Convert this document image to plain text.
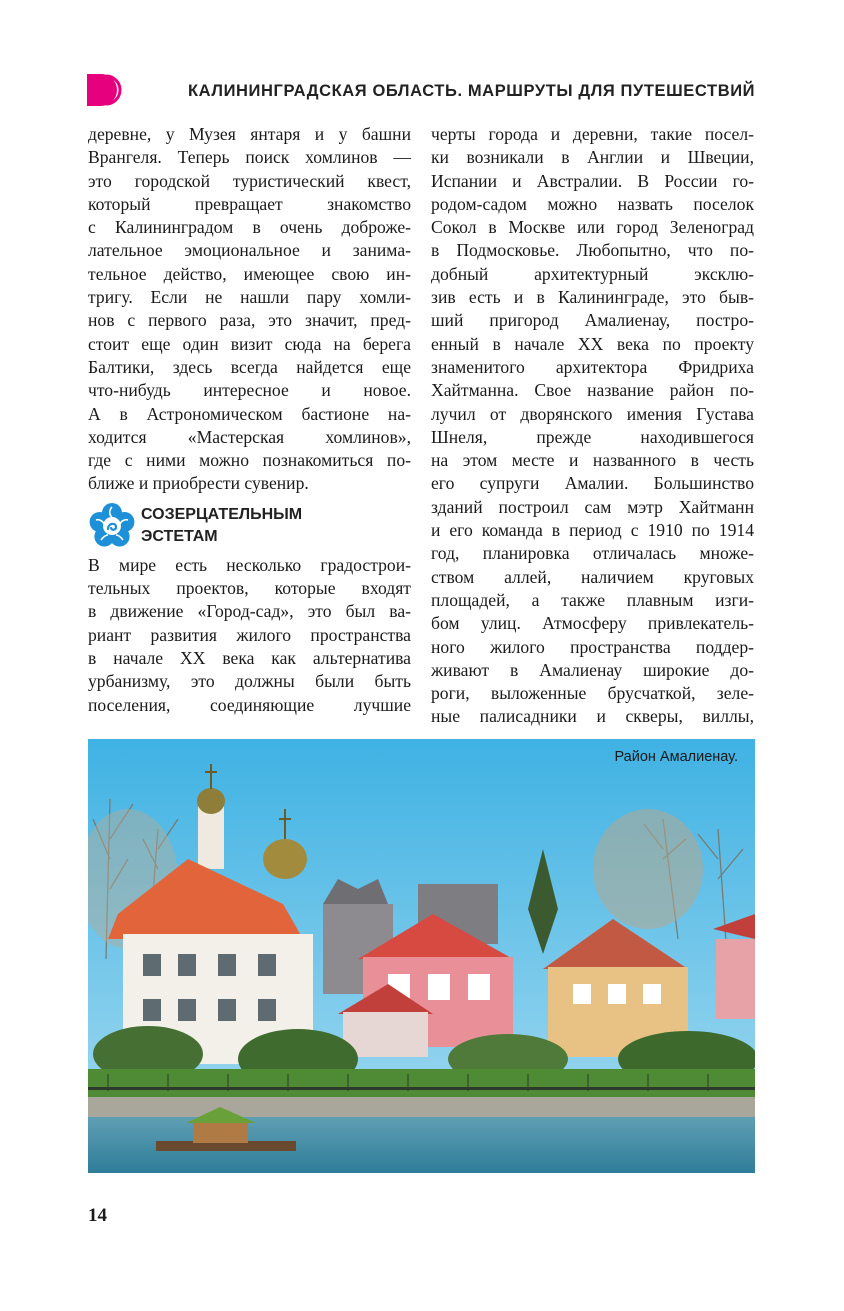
КАЛИНИНГРАДСКАЯ ОБЛАСТЬ. МАРШРУТЫ ДЛЯ ПУТЕШЕСТВИЙ
деревне, у Музея янтаря и у башни
Врангеля. Теперь поиск хомлинов —
это городской туристический квест,
который превращает знакомство
с Калининградом в очень доброже-
лательное эмоциональное и занима-
тельное действо, имеющее свою ин-
тригу. Если не нашли пару хомли-
нов с первого раза, это значит, пред-
стоит еще один визит сюда на берега
Балтики, здесь всегда найдется еще
что-нибудь интересное и новое.
А в Астрономическом бастионе на-
ходится «Мастерская хомлинов»,
где с ними можно познакомиться по-
ближе и приобрести сувенир.
СОЗЕРЦАТЕЛЬНЫМ
ЭСТЕТАМ
В мире есть несколько градострои-
тельных проектов, которые входят
в движение «Город-сад», это был ва-
риант развития жилого пространства
в начале ХХ века как альтернатива
урбанизму, это должны были быть
поселения, соединяющие лучшие
черты города и деревни, такие посел-
ки возникали в Англии и Швеции,
Испании и Австралии. В России го-
родом-садом можно назвать поселок
Сокол в Москве или город Зеленоград
в Подмосковье. Любопытно, что по-
добный архитектурный эксклю-
зив есть и в Калининграде, это быв-
ший пригород Амалиенау, постро-
енный в начале ХХ века по проекту
знаменитого архитектора Фридриха
Хайтманна. Свое название район по-
лучил от дворянского имения Густава
Шнеля, прежде находившегося
на этом месте и названного в честь
его супруги Амалии. Большинство
зданий построил сам мэтр Хайтманн
и его команда в период с 1910 по 1914
год, планировка отличалась множе-
ством аллей, наличием круговых
площадей, а также плавным изги-
бом улиц. Атмосферу привлекатель-
ного жилого пространства поддер-
живают в Амалиенау широкие до-
роги, выложенные брусчаткой, зеле-
ные палисадники и скверы, виллы,
Район Амалиенау.
14
